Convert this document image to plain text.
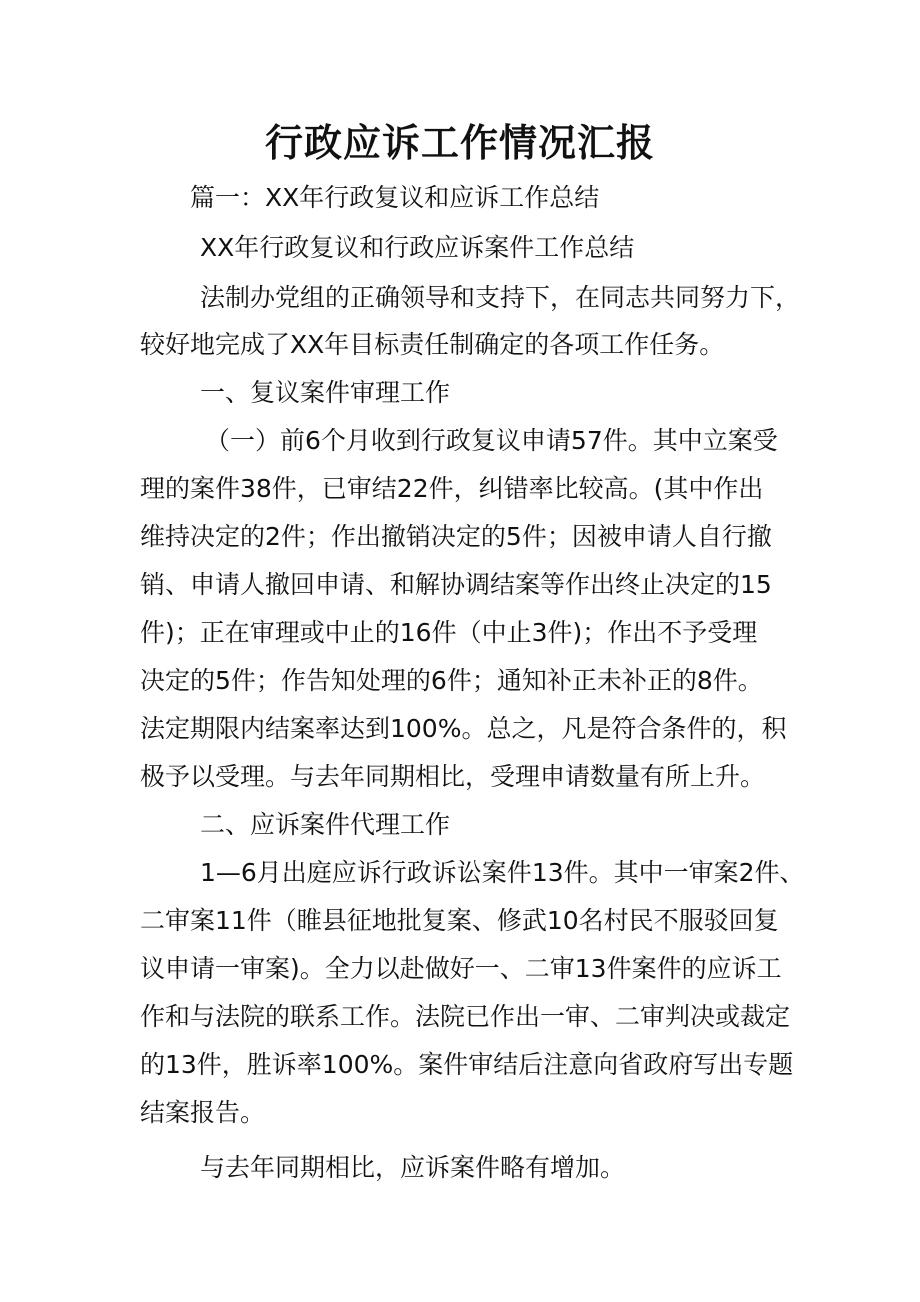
行政应诉工作情况汇报

篇一：XX年行政复议和应诉工作总结

XX年行政复议和行政应诉案件工作总结

法制办党组的正确领导和支持下，在同志共同努力下，

较好地完成了XX年目标责任制确定的各项工作任务。

一、复议案件审理工作

（一）前6个月收到行政复议申请57件。其中立案受

理的案件38件，已审结22件，纠错率比较高。(其中作出

维持决定的2件；作出撤销决定的5件；因被申请人自行撤

销、申请人撤回申请、和解协调结案等作出终止决定的15

件)；正在审理或中止的16件（中止3件)；作出不予受理

决定的5件；作告知处理的6件；通知补正未补正的8件。

法定期限内结案率达到100%。总之，凡是符合条件的，积

极予以受理。与去年同期相比，受理申请数量有所上升。

二、应诉案件代理工作

1—6月出庭应诉行政诉讼案件13件。其中一审案2件、

二审案11件（睢县征地批复案、修武10名村民不服驳回复

议申请一审案)。全力以赴做好一、二审13件案件的应诉工

作和与法院的联系工作。法院已作出一审、二审判决或裁定

的13件，胜诉率100%。案件审结后注意向省政府写出专题

结案报告。

与去年同期相比，应诉案件略有增加。
